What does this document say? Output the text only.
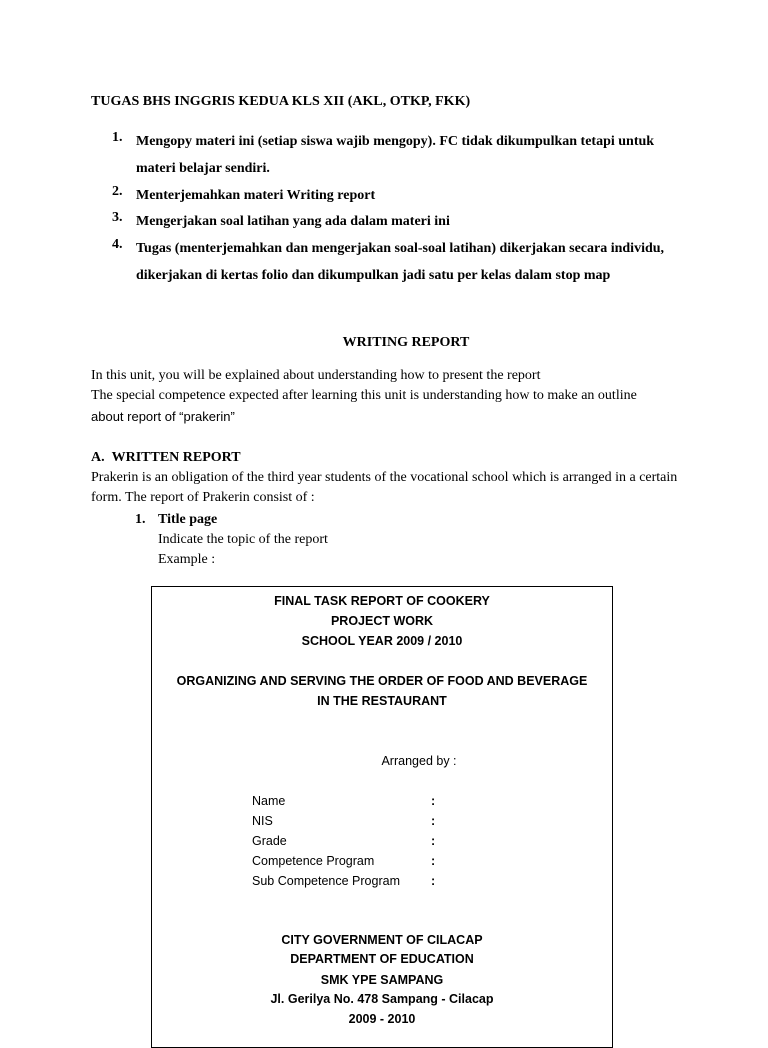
TUGAS BHS INGGRIS KEDUA KLS XII (AKL, OTKP, FKK)
1. Mengopy materi ini (setiap siswa wajib mengopy). FC tidak dikumpulkan tetapi untuk materi belajar sendiri.
2. Menterjemahkan materi Writing report
3. Mengerjakan soal latihan yang ada dalam materi ini
4. Tugas (menterjemahkan dan mengerjakan soal-soal latihan) dikerjakan secara individu, dikerjakan di kertas folio dan dikumpulkan jadi satu per kelas dalam stop map
WRITING REPORT
In this unit, you will be explained about understanding how to present the report
The special competence expected after learning this unit is understanding how to make an outline
about report of “prakerin”
A. WRITTEN REPORT
Prakerin is an obligation of the third year students of the vocational school which is arranged in a certain form. The report of Prakerin consist of :
1. Title page
Indicate the topic of the report
Example :
FINAL TASK REPORT OF COOKERY
PROJECT WORK
SCHOOL YEAR 2009 / 2010
ORGANIZING AND SERVING THE ORDER OF FOOD AND BEVERAGE
IN THE RESTAURANT
Arranged by :
Name	:
NIS	:
Grade	:
Competence Program	:
Sub Competence Program :
CITY GOVERNMENT OF CILACAP
DEPARTMENT OF EDUCATION
SMK YPE SAMPANG
Jl. Gerilya No. 478 Sampang - Cilacap
2009 - 2010
